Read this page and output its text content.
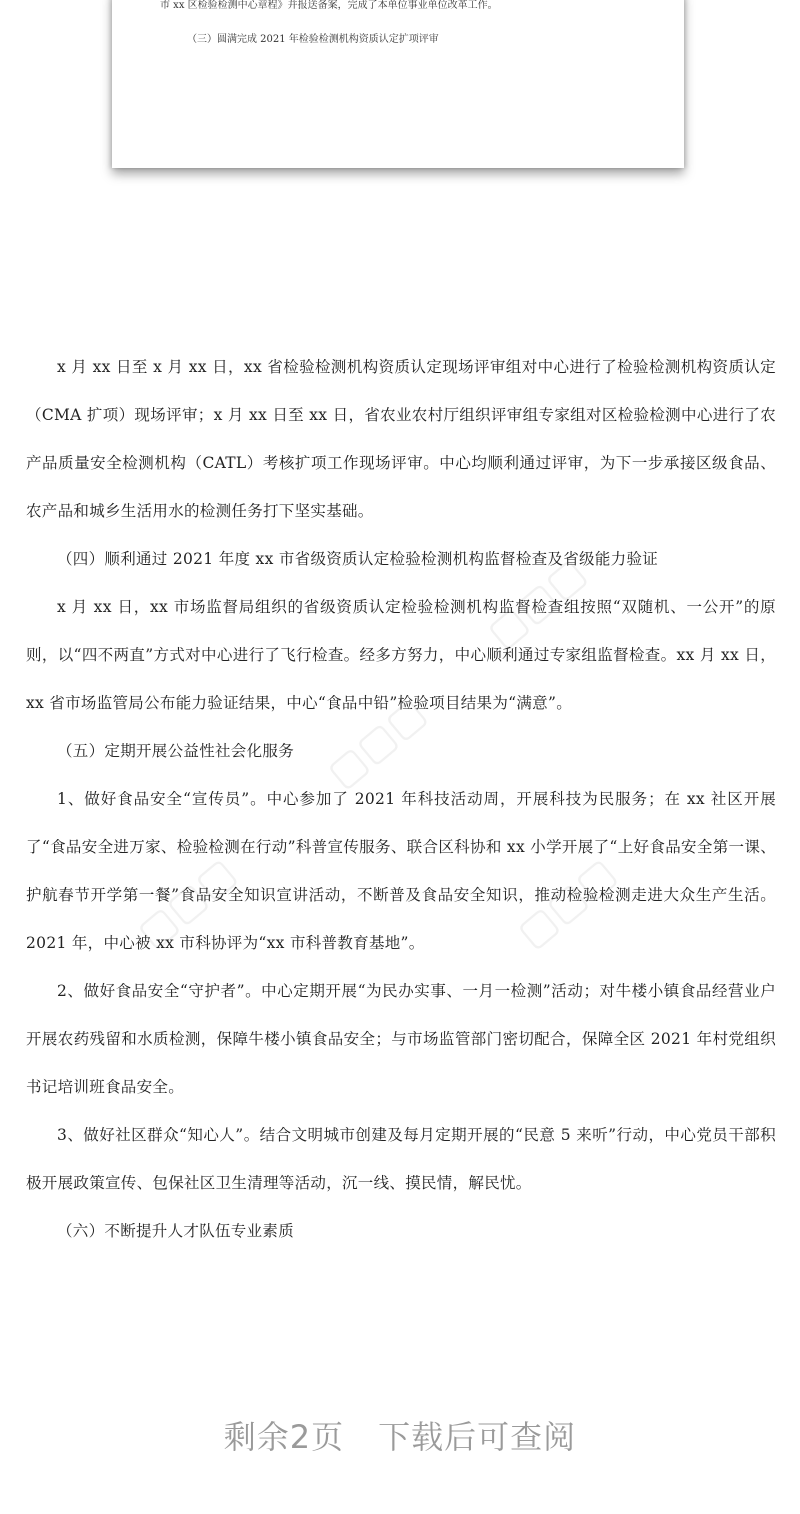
市 xx 区检验检测中心章程》并报送备案，完成了本单位事业单位改革工作。
（三）圆满完成 2021 年检验检测机构资质认定扩项评审
▢▢▢
▢▢▢
▢▢▢	▢▢▢

x 月 xx 日至 x 月 xx 日，xx 省检验检测机构资质认定现场评审组对中心进行了检验检测机构资质认定（CMA 扩项）现场评审；x 月 xx 日至 xx 日，省农业农村厅组织评审组专家组对区检验检测中心进行了农产品质量安全检测机构（CATL）考核扩项工作现场评审。中心均顺利通过评审，为下一步承接区级食品、农产品和城乡生活用水的检测任务打下坚实基础。

（四）顺利通过 2021 年度 xx 市省级资质认定检验检测机构监督检查及省级能力验证

x 月 xx 日，xx 市场监督局组织的省级资质认定检验检测机构监督检查组按照“双随机、一公开”的原则，以“四不两直”方式对中心进行了飞行检查。经多方努力，中心顺利通过专家组监督检查。xx 月 xx 日，xx 省市场监管局公布能力验证结果，中心“食品中铅”检验项目结果为“满意”。

（五）定期开展公益性社会化服务

1、做好食品安全“宣传员”。中心参加了 2021 年科技活动周，开展科技为民服务；在 xx 社区开展了“食品安全进万家、检验检测在行动”科普宣传服务、联合区科协和 xx 小学开展了“上好食品安全第一课、护航春节开学第一餐”食品安全知识宣讲活动，不断普及食品安全知识，推动检验检测走进大众生产生活。2021 年，中心被 xx 市科协评为“xx 市科普教育基地”。

2、做好食品安全“守护者”。中心定期开展“为民办实事、一月一检测”活动；对牛楼小镇食品经营业户开展农药残留和水质检测，保障牛楼小镇食品安全；与市场监管部门密切配合，保障全区 2021 年村党组织书记培训班食品安全。

3、做好社区群众“知心人”。结合文明城市创建及每月定期开展的“民意 5 来听”行动，中心党员干部积极开展政策宣传、包保社区卫生清理等活动，沉一线、摸民情，解民忧。

（六）不断提升人才队伍专业素质

剩余2页 下载后可查阅
